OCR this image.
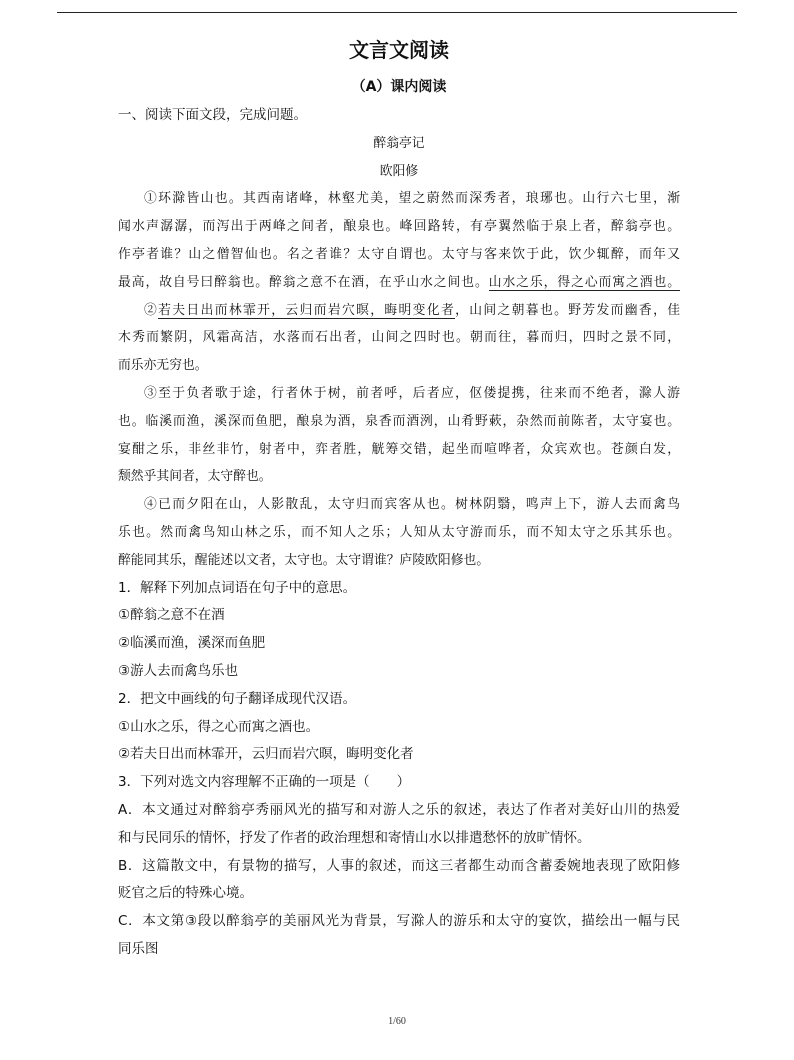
文言文阅读
（A）课内阅读

一、阅读下面文段，完成问题。

醉翁亭记

欧阳修

①环滁皆山也。其西南诸峰，林壑尤美，望之蔚然而深秀者，琅琊也。山行六七里，渐

闻水声潺潺，而泻出于两峰之间者，酿泉也。峰回路转，有亭翼然临于泉上者，醉翁亭也。

作亭者谁？山之僧智仙也。名之者谁？太守自谓也。太守与客来饮于此，饮少辄醉，而年又

最高，故自号曰醉翁也。醉翁之意不在酒，在乎山水之间也。山水之乐，得之心而寓之酒也。

②若夫日出而林霏开，云归而岩穴暝，晦明变化者，山间之朝暮也。野芳发而幽香，佳

木秀而繁阴，风霜高洁，水落而石出者，山间之四时也。朝而往，暮而归，四时之景不同，

而乐亦无穷也。

③至于负者歌于途，行者休于树，前者呼，后者应，伛偻提携，往来而不绝者，滁人游

也。临溪而渔，溪深而鱼肥，酿泉为酒，泉香而酒洌，山肴野蔌，杂然而前陈者，太守宴也。

宴酣之乐，非丝非竹，射者中，弈者胜，觥筹交错，起坐而喧哗者，众宾欢也。苍颜白发，

颓然乎其间者，太守醉也。

④已而夕阳在山，人影散乱，太守归而宾客从也。树林阴翳，鸣声上下，游人去而禽鸟

乐也。然而禽鸟知山林之乐，而不知人之乐；人知从太守游而乐，而不知太守之乐其乐也。

醉能同其乐，醒能述以文者，太守也。太守谓谁？庐陵欧阳修也。

1．解释下列加点词语在句子中的意思。

①醉翁之意不在酒

②临溪而渔，溪深而鱼肥

③游人去而禽鸟乐也

2．把文中画线的句子翻译成现代汉语。

①山水之乐，得之心而寓之酒也。

②若夫日出而林霏开，云归而岩穴暝，晦明变化者

3．下列对选文内容理解不正确的一项是（　　）

A．本文通过对醉翁亭秀丽风光的描写和对游人之乐的叙述，表达了作者对美好山川的热爱

和与民同乐的情怀，抒发了作者的政治理想和寄情山水以排遣愁怀的放旷情怀。

B．这篇散文中，有景物的描写，人事的叙述，而这三者都生动而含蓄委婉地表现了欧阳修

贬官之后的特殊心境。

C．本文第③段以醉翁亭的美丽风光为背景，写滁人的游乐和太守的宴饮，描绘出一幅与民

同乐图

1/60
